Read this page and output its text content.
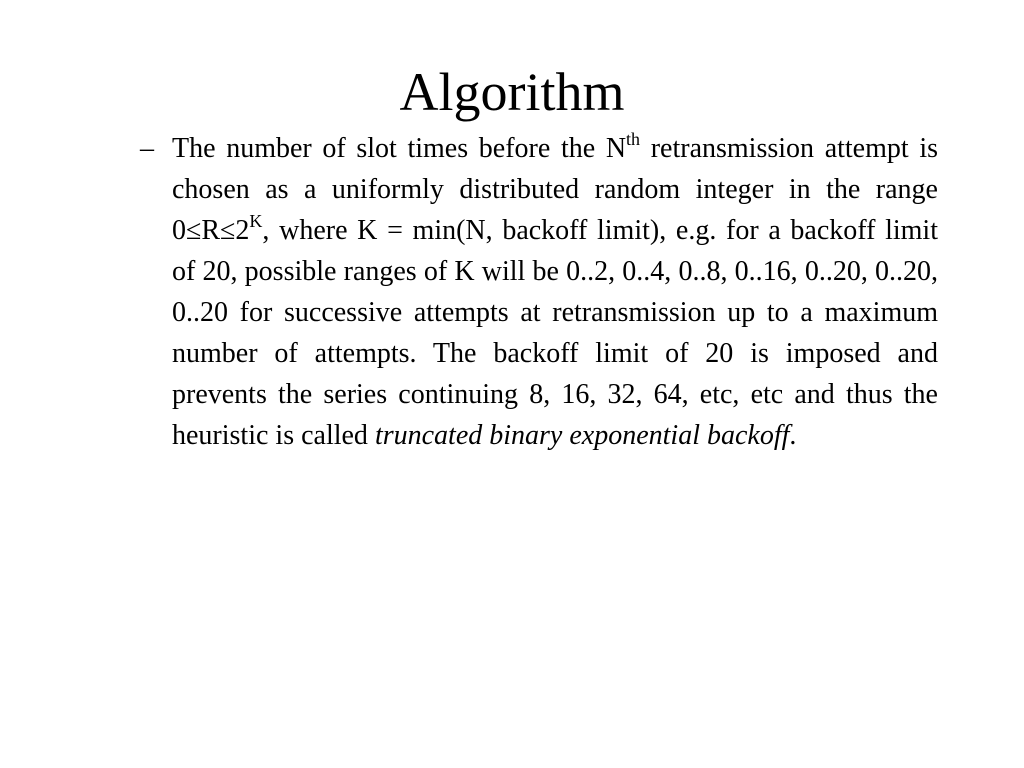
Algorithm
– The number of slot times before the $N^{th}$ retransmission attempt is chosen as a uniformly distributed random integer in the range $0\le R\le 2^K$, where K = min(N, backoff limit), e.g. for a backoff limit of 20, possible ranges of K will be 0..2, 0..4, 0..8, 0..16, 0..20, 0..20, 0..20 for successive attempts at retransmission up to a maximum number of attempts. The backoff limit of 20 is imposed and prevents the series continuing 8, 16, 32, 64, etc, etc and thus the heuristic is called truncated binary exponential backoff.
